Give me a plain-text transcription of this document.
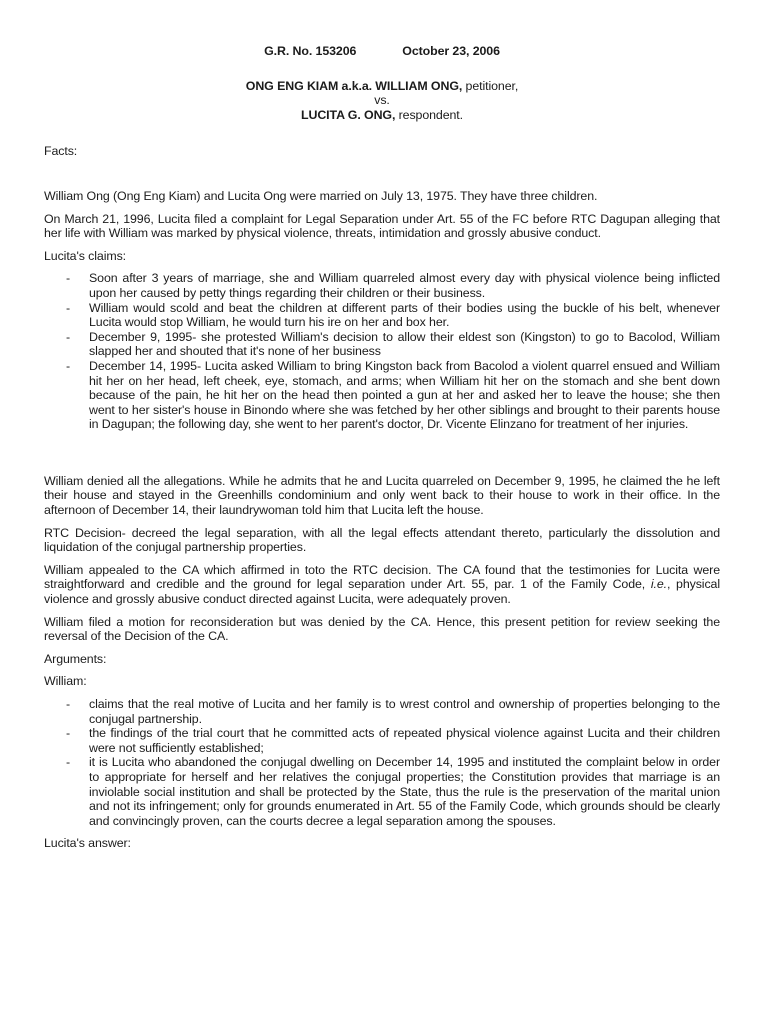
G.R. No. 153206	October 23, 2006
ONG ENG KIAM a.k.a. WILLIAM ONG, petitioner,
vs.
LUCITA G. ONG, respondent.

Facts:

William Ong (Ong Eng Kiam) and Lucita Ong were married on July 13, 1975. They have three children.

On March 21, 1996, Lucita filed a complaint for Legal Separation under Art. 55 of the FC before RTC Dagupan alleging that her life with William was marked by physical violence, threats, intimidation and grossly abusive conduct.

Lucita's claims:

- Soon after 3 years of marriage, she and William quarreled almost every day with physical violence being inflicted upon her caused by petty things regarding their children or their business.
- William would scold and beat the children at different parts of their bodies using the buckle of his belt, whenever Lucita would stop William, he would turn his ire on her and box her.
- December 9, 1995- she protested William's decision to allow their eldest son (Kingston) to go to Bacolod, William slapped her and shouted that it's none of her business
- December 14, 1995- Lucita asked William to bring Kingston back from Bacolod a violent quarrel ensued and William hit her on her head, left cheek, eye, stomach, and arms; when William hit her on the stomach and she bent down because of the pain, he hit her on the head then pointed a gun at her and asked her to leave the house; she then went to her sister's house in Binondo where she was fetched by her other siblings and brought to their parents house in Dagupan; the following day, she went to her parent's doctor, Dr. Vicente Elinzano for treatment of her injuries.

William denied all the allegations. While he admits that he and Lucita quarreled on December 9, 1995, he claimed the he left their house and stayed in the Greenhills condominium and only went back to their house to work in their office. In the afternoon of December 14, their laundrywoman told him that Lucita left the house.

RTC Decision- decreed the legal separation, with all the legal effects attendant thereto, particularly the dissolution and liquidation of the conjugal partnership properties.

William appealed to the CA which affirmed in toto the RTC decision. The CA found that the testimonies for Lucita were straightforward and credible and the ground for legal separation under Art. 55, par. 1 of the Family Code, i.e., physical violence and grossly abusive conduct directed against Lucita, were adequately proven.

William filed a motion for reconsideration but was denied by the CA. Hence, this present petition for review seeking the reversal of the Decision of the CA.

Arguments:

William:

- claims that the real motive of Lucita and her family is to wrest control and ownership of properties belonging to the conjugal partnership.
- the findings of the trial court that he committed acts of repeated physical violence against Lucita and their children were not sufficiently established;
- it is Lucita who abandoned the conjugal dwelling on December 14, 1995 and instituted the complaint below in order to appropriate for herself and her relatives the conjugal properties; the Constitution provides that marriage is an inviolable social institution and shall be protected by the State, thus the rule is the preservation of the marital union and not its infringement; only for grounds enumerated in Art. 55 of the Family Code, which grounds should be clearly and convincingly proven, can the courts decree a legal separation among the spouses.

Lucita's answer:
